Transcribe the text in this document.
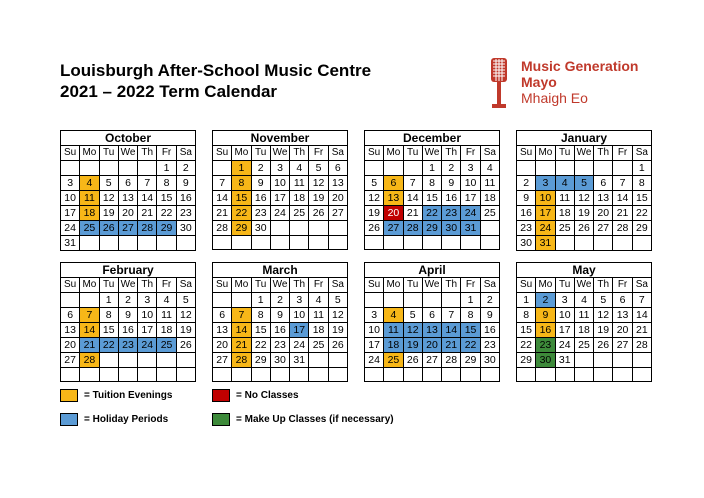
Louisburgh After-School Music Centre
2021 – 2022 Term Calendar
Music Generation
Mayo
Mhaigh Eo
October
Su	Mo	Tu	We	Th	Fr	Sa
					1	2
3	4	5	6	7	8	9
10	11	12	13	14	15	16
17	18	19	20	21	22	23
24	25	26	27	28	29	30
31						
November
Su	Mo	Tu	We	Th	Fr	Sa
	1	2	3	4	5	6
7	8	9	10	11	12	13
14	15	16	17	18	19	20
21	22	23	24	25	26	27
28	29	30				

December
Su	Mo	Tu	We	Th	Fr	Sa
			1	2	3	4
5	6	7	8	9	10	11
12	13	14	15	16	17	18
19	20	21	22	23	24	25
26	27	28	29	30	31	

January
Su	Mo	Tu	We	Th	Fr	Sa
						1
2	3	4	5	6	7	8
9	10	11	12	13	14	15
16	17	18	19	20	21	22
23	24	25	26	27	28	29
30	31					
February
Su	Mo	Tu	We	Th	Fr	Sa
		1	2	3	4	5
6	7	8	9	10	11	12
13	14	15	16	17	18	19
20	21	22	23	24	25	26
27	28					

March
Su	Mo	Tu	We	Th	Fr	Sa
		1	2	3	4	5
6	7	8	9	10	11	12
13	14	15	16	17	18	19
20	21	22	23	24	25	26
27	28	29	30	31		

April
Su	Mo	Tu	We	Th	Fr	Sa
					1	2
3	4	5	6	7	8	9
10	11	12	13	14	15	16
17	18	19	20	21	22	23
24	25	26	27	28	29	30

May
Su	Mo	Tu	We	Th	Fr	Sa
1	2	3	4	5	6	7
8	9	10	11	12	13	14
15	16	17	18	19	20	21
22	23	24	25	26	27	28
29	30	31				

= Tuition Evenings
= Holiday Periods
= No Classes
= Make Up Classes (if necessary)
